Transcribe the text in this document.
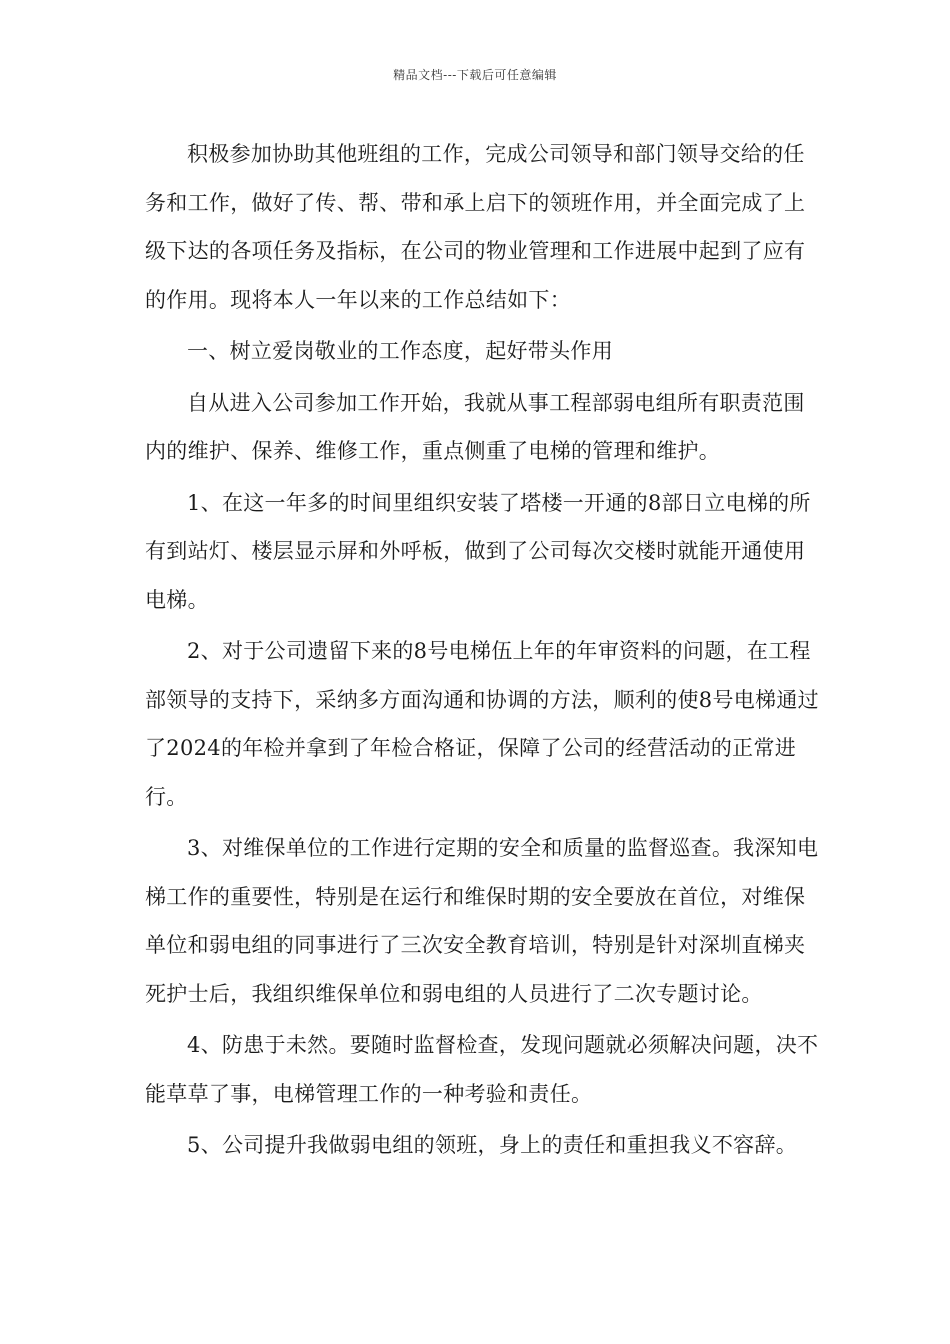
精品文档---下载后可任意编辑

积极参加协助其他班组的工作，完成公司领导和部门领导交给的任务和工作，做好了传、帮、带和承上启下的领班作用，并全面完成了上级下达的各项任务及指标，在公司的物业管理和工作进展中起到了应有的作用。现将本人一年以来的工作总结如下：

一、树立爱岗敬业的工作态度，起好带头作用

自从进入公司参加工作开始，我就从事工程部弱电组所有职责范围内的维护、保养、维修工作，重点侧重了电梯的管理和维护。

1、在这一年多的时间里组织安装了塔楼一开通的8部日立电梯的所有到站灯、楼层显示屏和外呼板，做到了公司每次交楼时就能开通使用电梯。

2、对于公司遗留下来的8号电梯伍上年的年审资料的问题，在工程部领导的支持下，采纳多方面沟通和协调的方法，顺利的使8号电梯通过了2024的年检并拿到了年检合格证，保障了公司的经营活动的正常进行。

3、对维保单位的工作进行定期的安全和质量的监督巡查。我深知电梯工作的重要性，特别是在运行和维保时期的安全要放在首位，对维保单位和弱电组的同事进行了三次安全教育培训，特别是针对深圳直梯夹死护士后，我组织维保单位和弱电组的人员进行了二次专题讨论。

4、防患于未然。要随时监督检查，发现问题就必须解决问题，决不能草草了事，电梯管理工作的一种考验和责任。

5、公司提升我做弱电组的领班，身上的责任和重担我义不容辞。
